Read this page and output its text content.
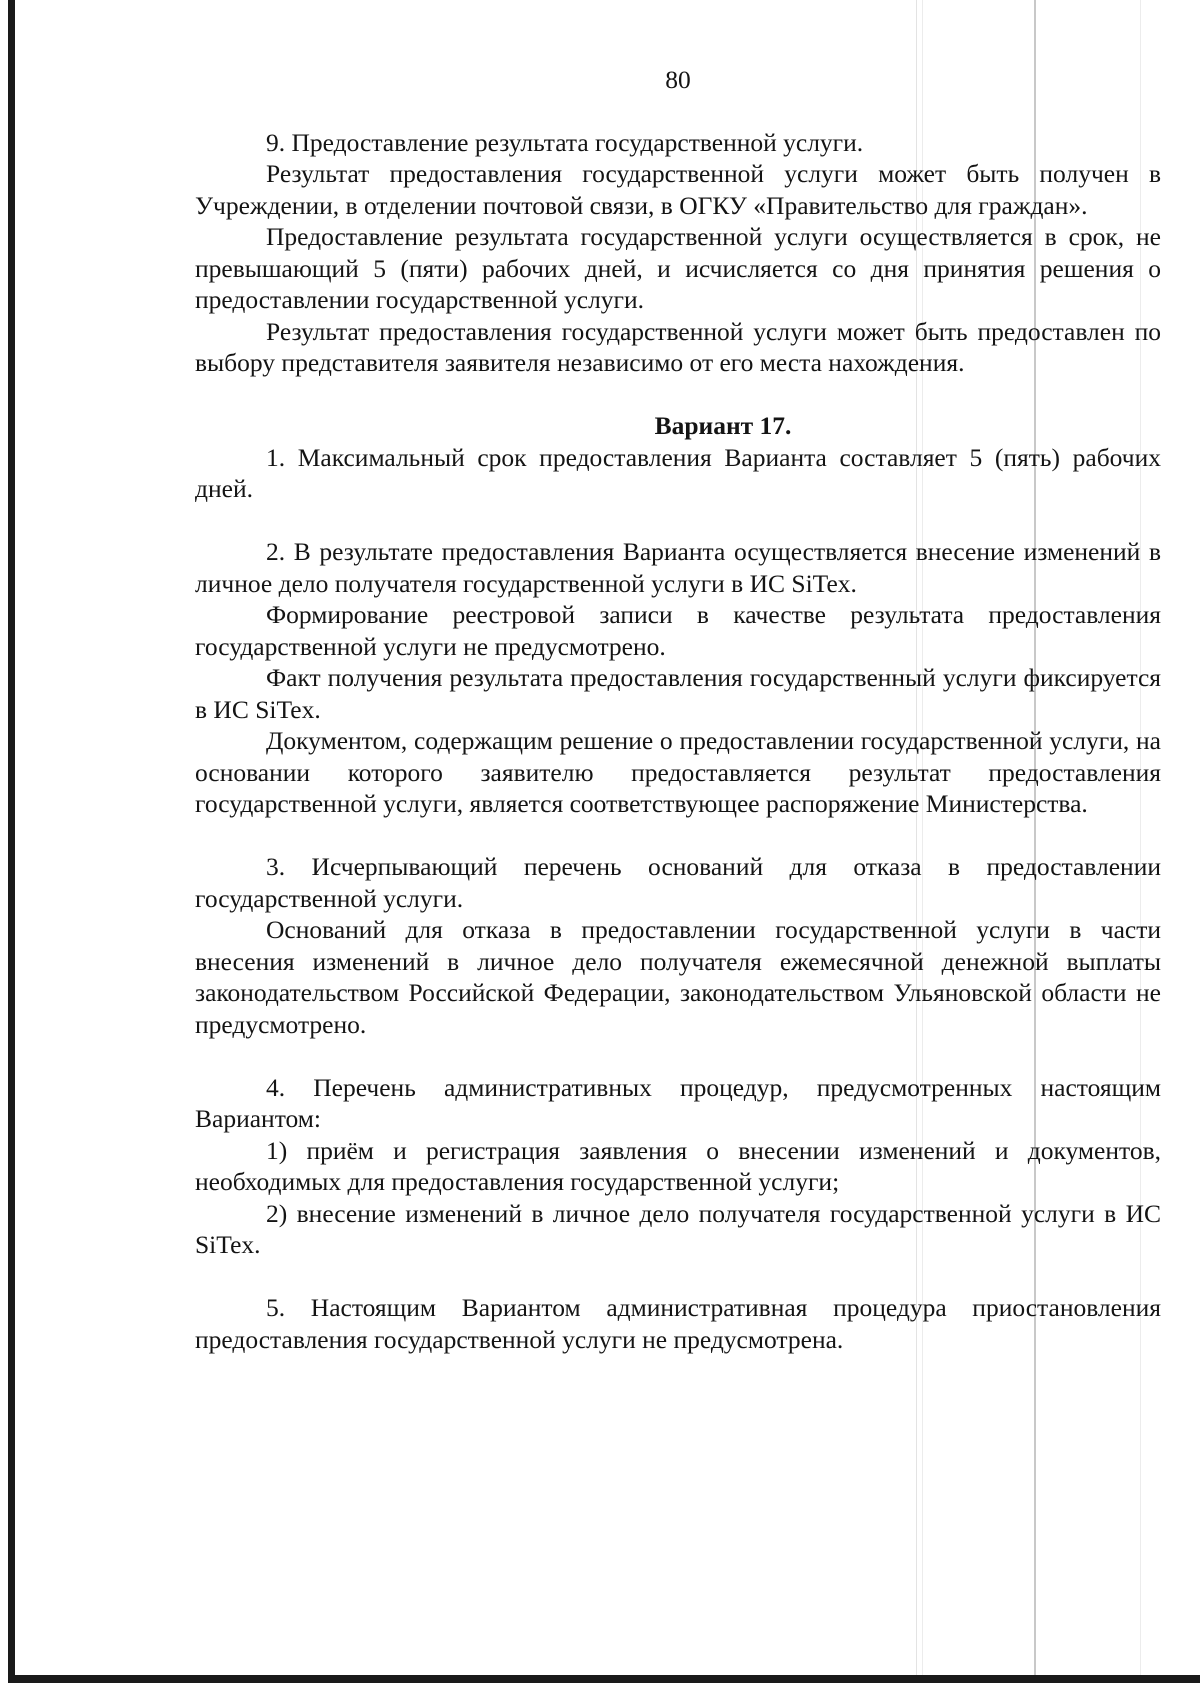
80

9. Предоставление результата государственной услуги.

Результат предоставления государственной услуги может быть получен в Учреждении, в отделении почтовой связи, в ОГКУ «Правительство для граждан».

Предоставление результата государственной услуги осуществляется в срок, не превышающий 5 (пяти) рабочих дней, и исчисляется со дня принятия решения о предоставлении государственной услуги.

Результат предоставления государственной услуги может быть предоставлен по выбору представителя заявителя независимо от его места нахождения.

Вариант 17.

1. Максимальный срок предоставления Варианта составляет 5 (пять) рабочих дней.

2. В результате предоставления Варианта осуществляется внесение изменений в личное дело получателя государственной услуги в ИС SiTex.

Формирование реестровой записи в качестве результата предоставления государственной услуги не предусмотрено.

Факт получения результата предоставления государственный услуги фиксируется в ИС SiTex.

Документом, содержащим решение о предоставлении государственной услуги, на основании которого заявителю предоставляется результат предоставления государственной услуги, является соответствующее распоряжение Министерства.

3. Исчерпывающий перечень оснований для отказа в предоставлении государственной услуги.

Оснований для отказа в предоставлении государственной услуги в части внесения изменений в личное дело получателя ежемесячной денежной выплаты законодательством Российской Федерации, законодательством Ульяновской области не предусмотрено.

4. Перечень административных процедур, предусмотренных настоящим Вариантом:

1) приём и регистрация заявления о внесении изменений и документов, необходимых для предоставления государственной услуги;

2) внесение изменений в личное дело получателя государственной услуги в ИС SiTex.

5. Настоящим Вариантом административная процедура приостановления предоставления государственной услуги не предусмотрена.
